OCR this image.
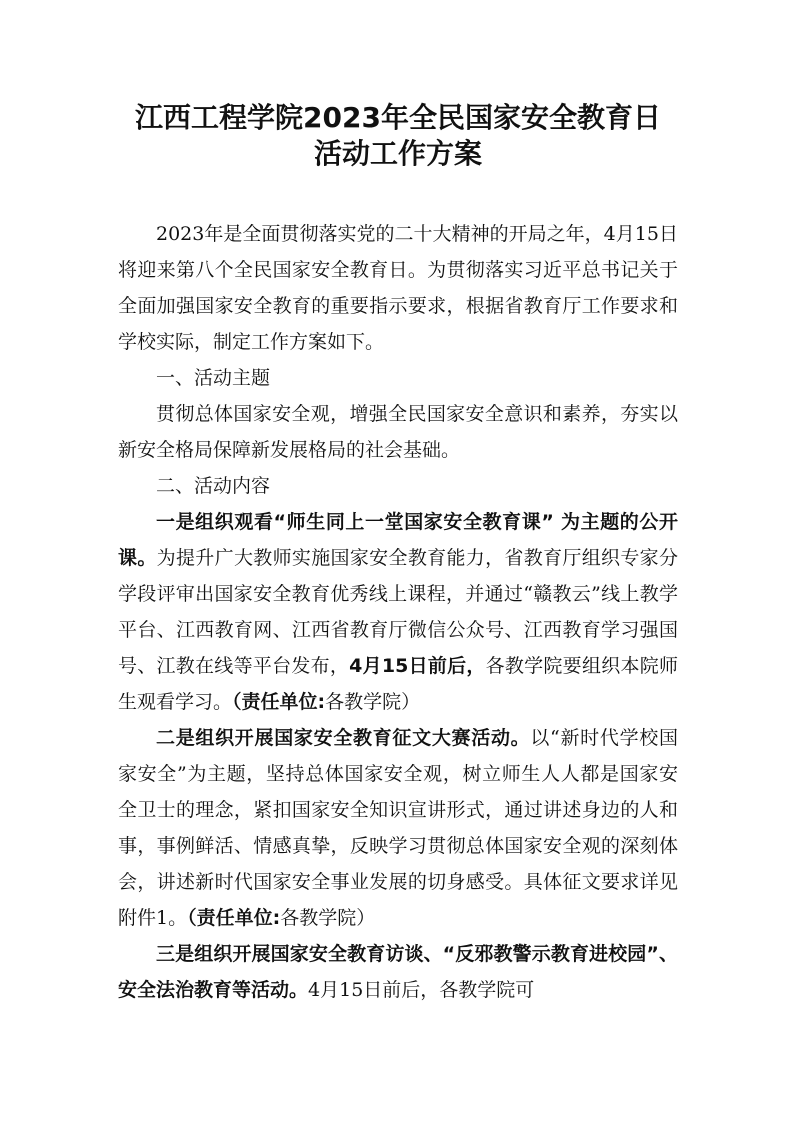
江西工程学院2023年全民国家安全教育日
活动工作方案

2023年是全面贯彻落实党的二十大精神的开局之年，4月15日将迎来第八个全民国家安全教育日。为贯彻落实习近平总书记关于全面加强国家安全教育的重要指示要求，根据省教育厅工作要求和学校实际，制定工作方案如下。

一、活动主题

贯彻总体国家安全观，增强全民国家安全意识和素养，夯实以新安全格局保障新发展格局的社会基础。

二、活动内容

一是组织观看“师生同上一堂国家安全教育课” 为主题的公开课。为提升广大教师实施国家安全教育能力，省教育厅组织专家分学段评审出国家安全教育优秀线上课程，并通过“赣教云”线上教学平台、江西教育网、江西省教育厅微信公众号、江西教育学习强国号、江教在线等平台发布，4月15日前后，各教学院要组织本院师生观看学习。（责任单位:各教学院）

二是组织开展国家安全教育征文大赛活动。以“新时代学校国家安全”为主题，坚持总体国家安全观，树立师生人人都是国家安全卫士的理念，紧扣国家安全知识宣讲形式，通过讲述身边的人和事，事例鲜活、情感真挚，反映学习贯彻总体国家安全观的深刻体会，讲述新时代国家安全事业发展的切身感受。具体征文要求详见附件1。（责任单位:各教学院）

三是组织开展国家安全教育访谈、“反邪教警示教育进校园”、安全法治教育等活动。4月15日前后，各教学院可
